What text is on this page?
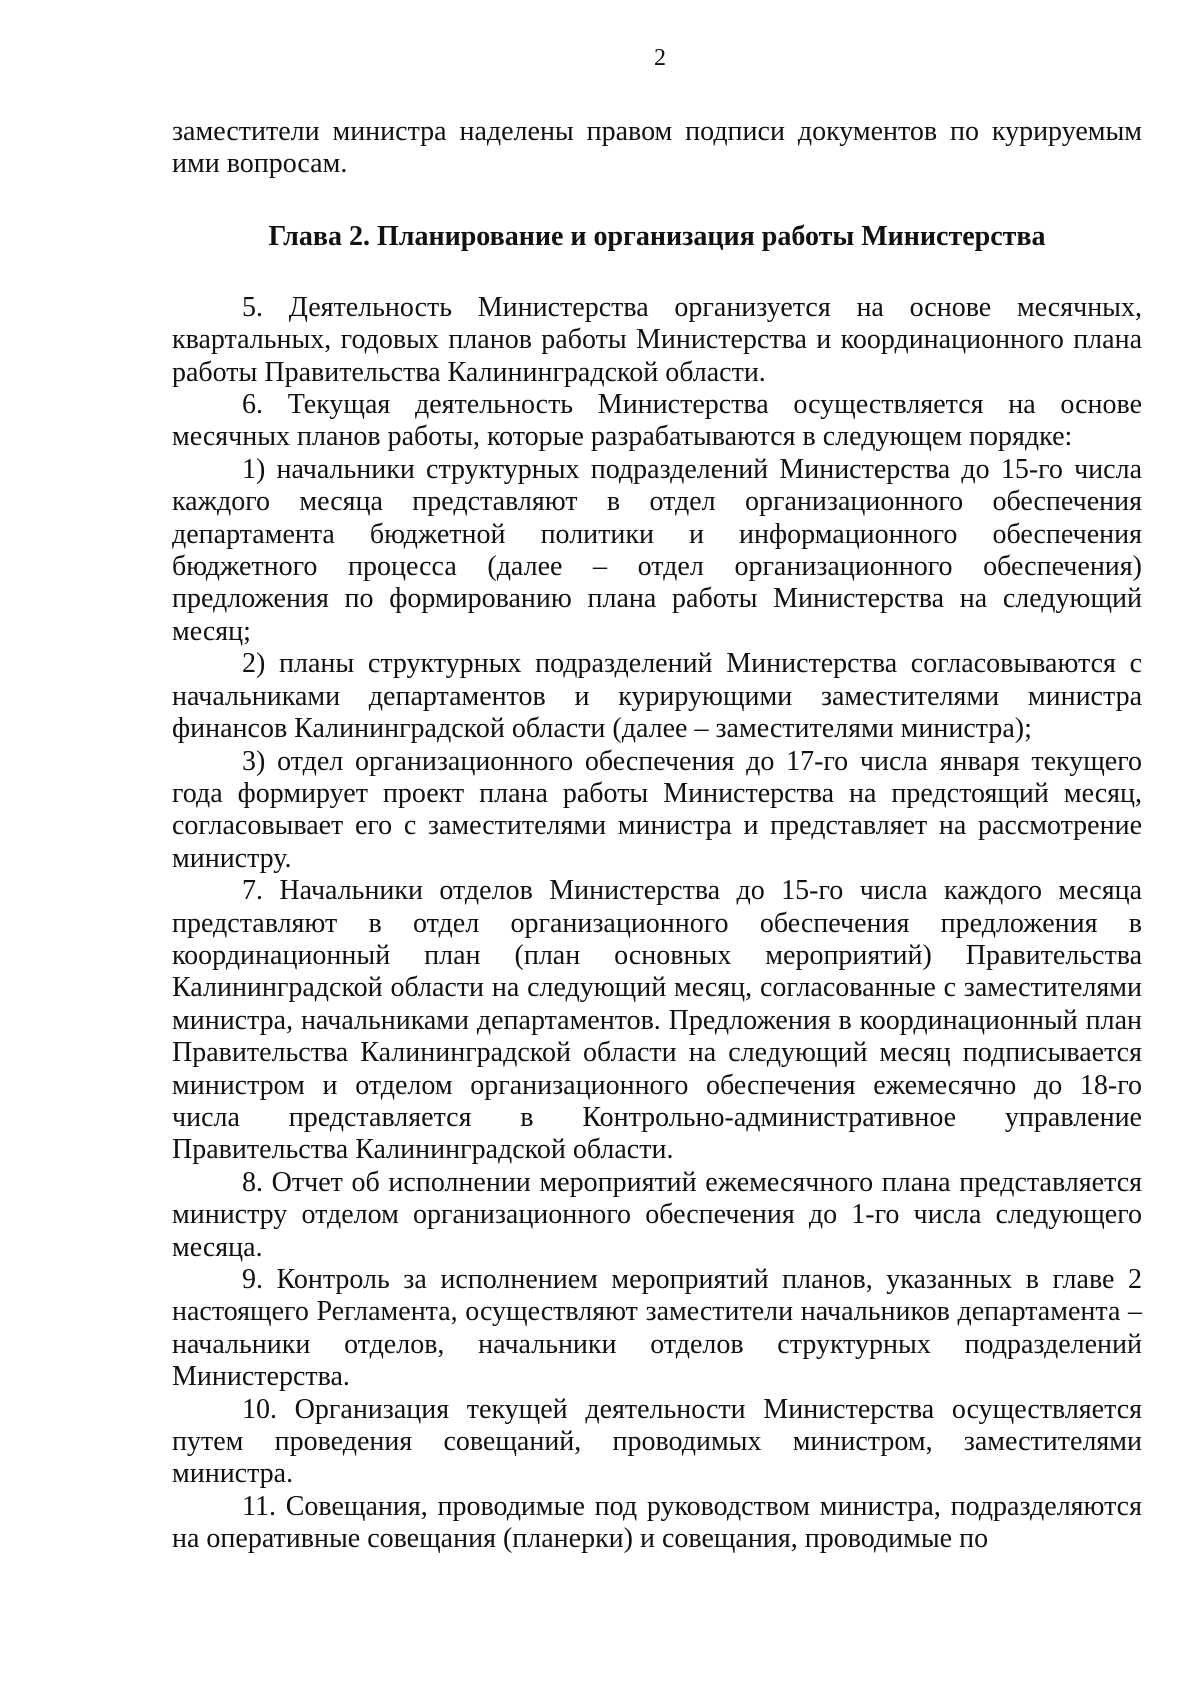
2

заместители министра наделены правом подписи документов по курируемым ими вопросам.

Глава 2. Планирование и организация работы Министерства

5. Деятельность Министерства организуется на основе месячных, квартальных, годовых планов работы Министерства и координационного плана работы Правительства Калининградской области.

6. Текущая деятельность Министерства осуществляется на основе месячных планов работы, которые разрабатываются в следующем порядке:

1) начальники структурных подразделений Министерства до 15-го числа каждого месяца представляют в отдел организационного обеспечения департамента бюджетной политики и информационного обеспечения бюджетного процесса (далее – отдел организационного обеспечения) предложения по формированию плана работы Министерства на следующий месяц;

2) планы структурных подразделений Министерства согласовываются с начальниками департаментов и курирующими заместителями министра финансов Калининградской области (далее – заместителями министра);

3) отдел организационного обеспечения до 17-го числа января текущего года формирует проект плана работы Министерства на предстоящий месяц, согласовывает его с заместителями министра и представляет на рассмотрение министру.

7. Начальники отделов Министерства до 15-го числа каждого месяца представляют в отдел организационного обеспечения предложения в координационный план (план основных мероприятий) Правительства Калининградской области на следующий месяц, согласованные с заместителями министра, начальниками департаментов. Предложения в координационный план Правительства Калининградской области на следующий месяц подписывается министром и отделом организационного обеспечения ежемесячно до 18-го числа представляется в Контрольно-административное управление Правительства Калининградской области.

8. Отчет об исполнении мероприятий ежемесячного плана представляется министру отделом организационного обеспечения до 1-го числа следующего месяца.

9. Контроль за исполнением мероприятий планов, указанных в главе 2 настоящего Регламента, осуществляют заместители начальников департамента – начальники отделов, начальники отделов структурных подразделений Министерства.

10. Организация текущей деятельности Министерства осуществляется путем проведения совещаний, проводимых министром, заместителями министра.

11. Совещания, проводимые под руководством министра, подразделяются на оперативные совещания (планерки) и совещания, проводимые по
